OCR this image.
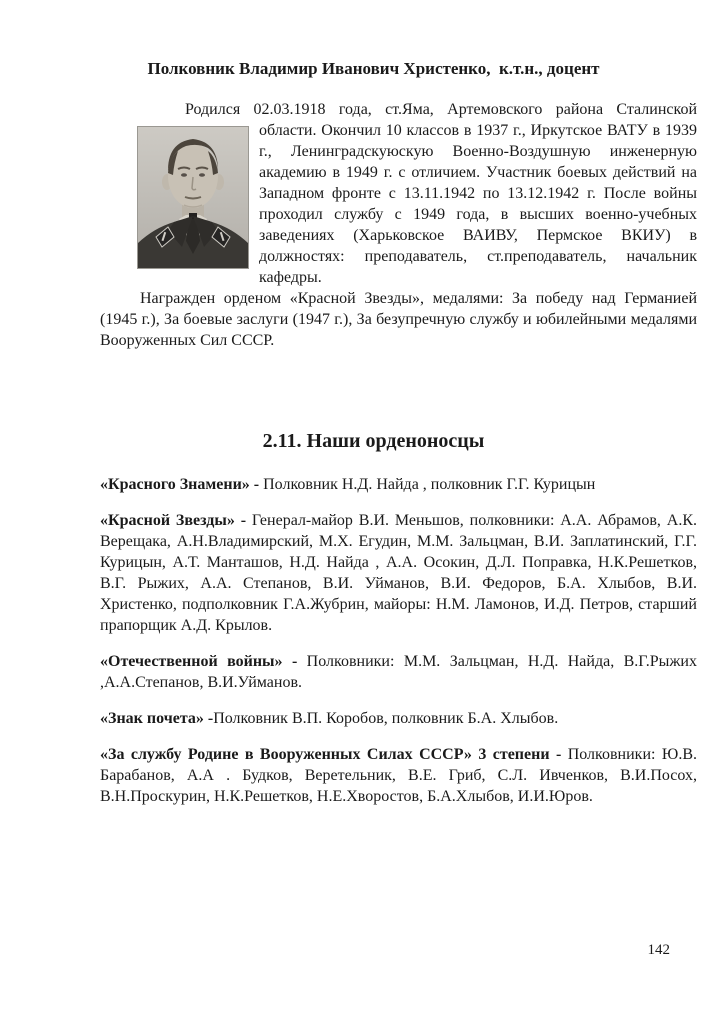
Полковник Владимир Иванович Христенко,  к.т.н., доцент
Родился 02.03.1918 года, ст.Яма, Артемовского района Сталинской

области. Окончил 10 классов в 1937 г., Иркутское ВАТУ в 1939 г., Ленинградскуюскую Военно-Воздушную инженерную академию в 1949 г. с отличием. Участник боевых действий на Западном фронте с 13.11.1942 по 13.12.1942 г. После войны проходил службу с 1949 года, в высших военно-учебных заведениях (Харьковское ВАИВУ, Пермское ВКИУ) в должностях: преподаватель, ст.преподаватель, начальник кафедры.

Награжден орденом «Красной Звезды», медалями: За победу над Германией (1945 г.), За боевые заслуги (1947 г.), За безупречную службу и юбилейными медалями Вооруженных Сил СССР.

2.11. Наши орденоносцы

«Красного Знамени» - Полковник Н.Д. Найда , полковник Г.Г. Курицын

«Красной Звезды» - Генерал-майор В.И. Меньшов, полковники: А.А. Абрамов, А.К. Верещака, А.Н.Владимирский, М.Х. Егудин, М.М. Зальцман, В.И. Заплатинский, Г.Г. Курицын, А.Т. Манташов, Н.Д. Найда , А.А. Осокин, Д.Л. Поправка, Н.К.Решетков, В.Г. Рыжих, А.А. Степанов, В.И. Уйманов, В.И. Федоров, Б.А. Хлыбов, В.И. Христенко, подполковник Г.А.Жубрин, майоры: Н.М. Ламонов, И.Д. Петров, старший прапорщик А.Д. Крылов.

«Отечественной войны» - Полковники: М.М. Зальцман, Н.Д. Найда, В.Г.Рыжих ,А.А.Степанов, В.И.Уйманов.

«Знак почета» -Полковник В.П. Коробов, полковник Б.А. Хлыбов.

«За службу Родине в Вооруженных Силах СССР» 3 степени - Полковники: Ю.В. Барабанов, А.А . Будков, Веретельник, В.Е. Гриб, С.Л. Ивченков, В.И.Посох, В.Н.Проскурин, Н.К.Решетков, Н.Е.Хворостов, Б.А.Хлыбов, И.И.Юров.

142
